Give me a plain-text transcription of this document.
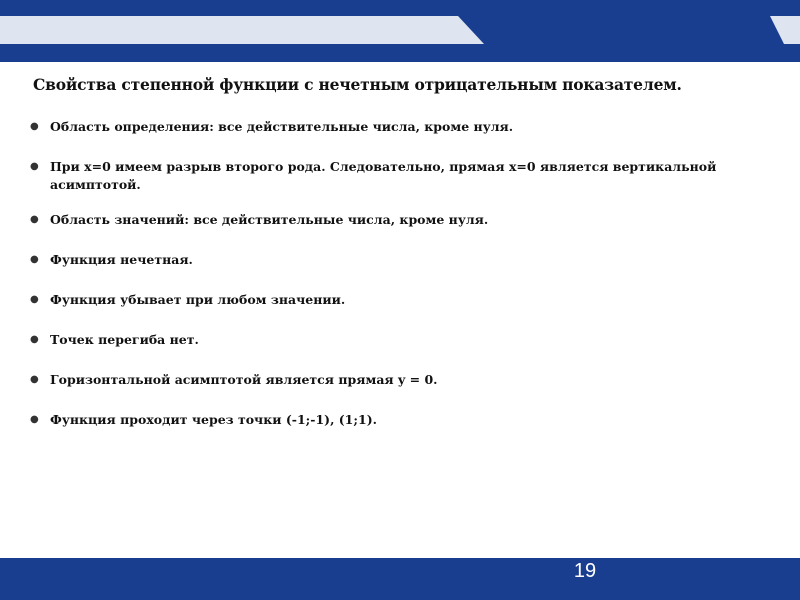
Свойства степенной функции с нечетным отрицательным показателем.
● Область определения: все действительные числа, кроме нуля.
● При x=0 имеем разрыв второго рода. Следовательно, прямая x=0 является вертикальной асимптотой.
● Область значений: все действительные числа, кроме нуля.
● Функция нечетная.
● Функция убывает при любом значении.
● Точек перегиба нет.
● Горизонтальной асимптотой является прямая y = 0.
● Функция проходит через точки (-1;-1), (1;1).
19
